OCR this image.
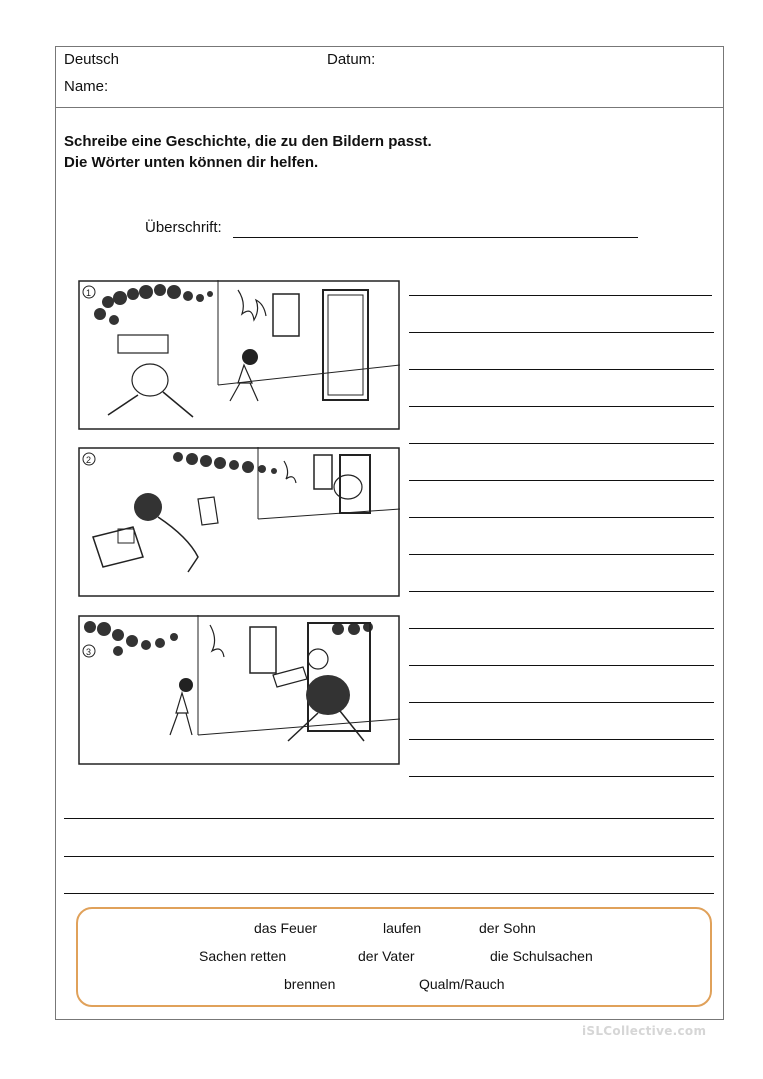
Deutsch	Datum:
Name:
Schreibe eine Geschichte, die zu den Bildern passt.
Die Wörter unten können dir helfen.
Überschrift:
1
2
3
das Feuer	laufen	der Sohn
Sachen retten	der Vater	die Schulsachen
brennen	Qualm/Rauch
iSLCollective.com
